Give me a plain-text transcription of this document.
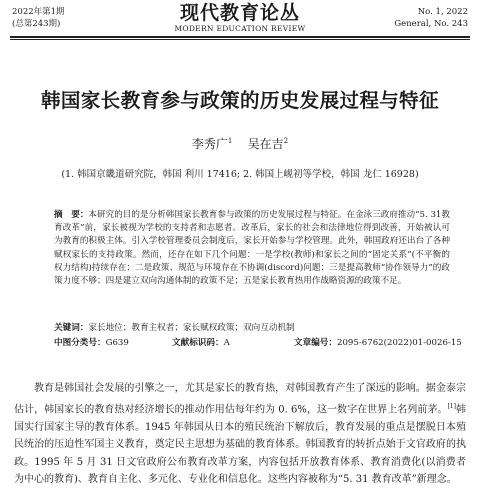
2022年第1期
(总第243期)	现代教育论丛
MODERN EDUCATION REVIEW
No. 1, 2022
General, No. 243
韩国家长教育参与政策的历史发展过程与特征
李秀广$^1$ 吴在吉$^2$
(1. 韩国京畿道研究院，韩国 利川 17416; 2. 韩国上岘初等学校，韩国 龙仁 16928)
摘　要：本研究的目的是分析韩国家长教育参与政策的历史发展过程与特征。在金泳三政府推动“5. 31教育改革”前，家长被视为学校的支持者和志愿者。改革后，家长的社会和法律地位得到改善，开始被认可为教育的积极主体。引入学校管理委员会制度后，家长开始参与学校管理。此外，韩国政府还出台了各种赋权家长的支持政策。然而，还存在如下几个问题：一是学校(教师)和家长之间的“固定关系”(不平衡的权力结构)持续存在；二是政策、规范与环境存在不协调(discord)问题；三是提高教师“协作领导力”的政策力度不够；四是建立双向沟通体制的政策不足；五是家长教育热用作战略资源的政策不足。
关键词：家长地位；教育主权者；家长赋权政策；双向互动机制
中图分类号：G639	文献标识码：A	文章编号：2095-6762(2022)01-0026-15
教育是韩国社会发展的引擎之一，尤其是家长的教育热，对韩国教育产生了深远的影响。据金泰宗估计，韩国家长的教育热对经济增长的推动作用估每年约为 0. 6%，这一数字在世界上名列前茅。[1]韩国实行国家主导的教育体系。1945 年韩国从日本的殖民统治下解放后，教育发展的重点是摆脱日本殖民统治的压迫性军国主义教育，奠定民主思想为基础的教育体系。韩国教育的转折点始于文官政府的执政。1995 年 5 月 31 日文官政府公布教育改革方案，内容包括开放教育体系、教育消费化(以消费者为中心的教育)、教育自主化、多元化、专业化和信息化。这些内容被称为“5. 31 教育改革”新理念。
